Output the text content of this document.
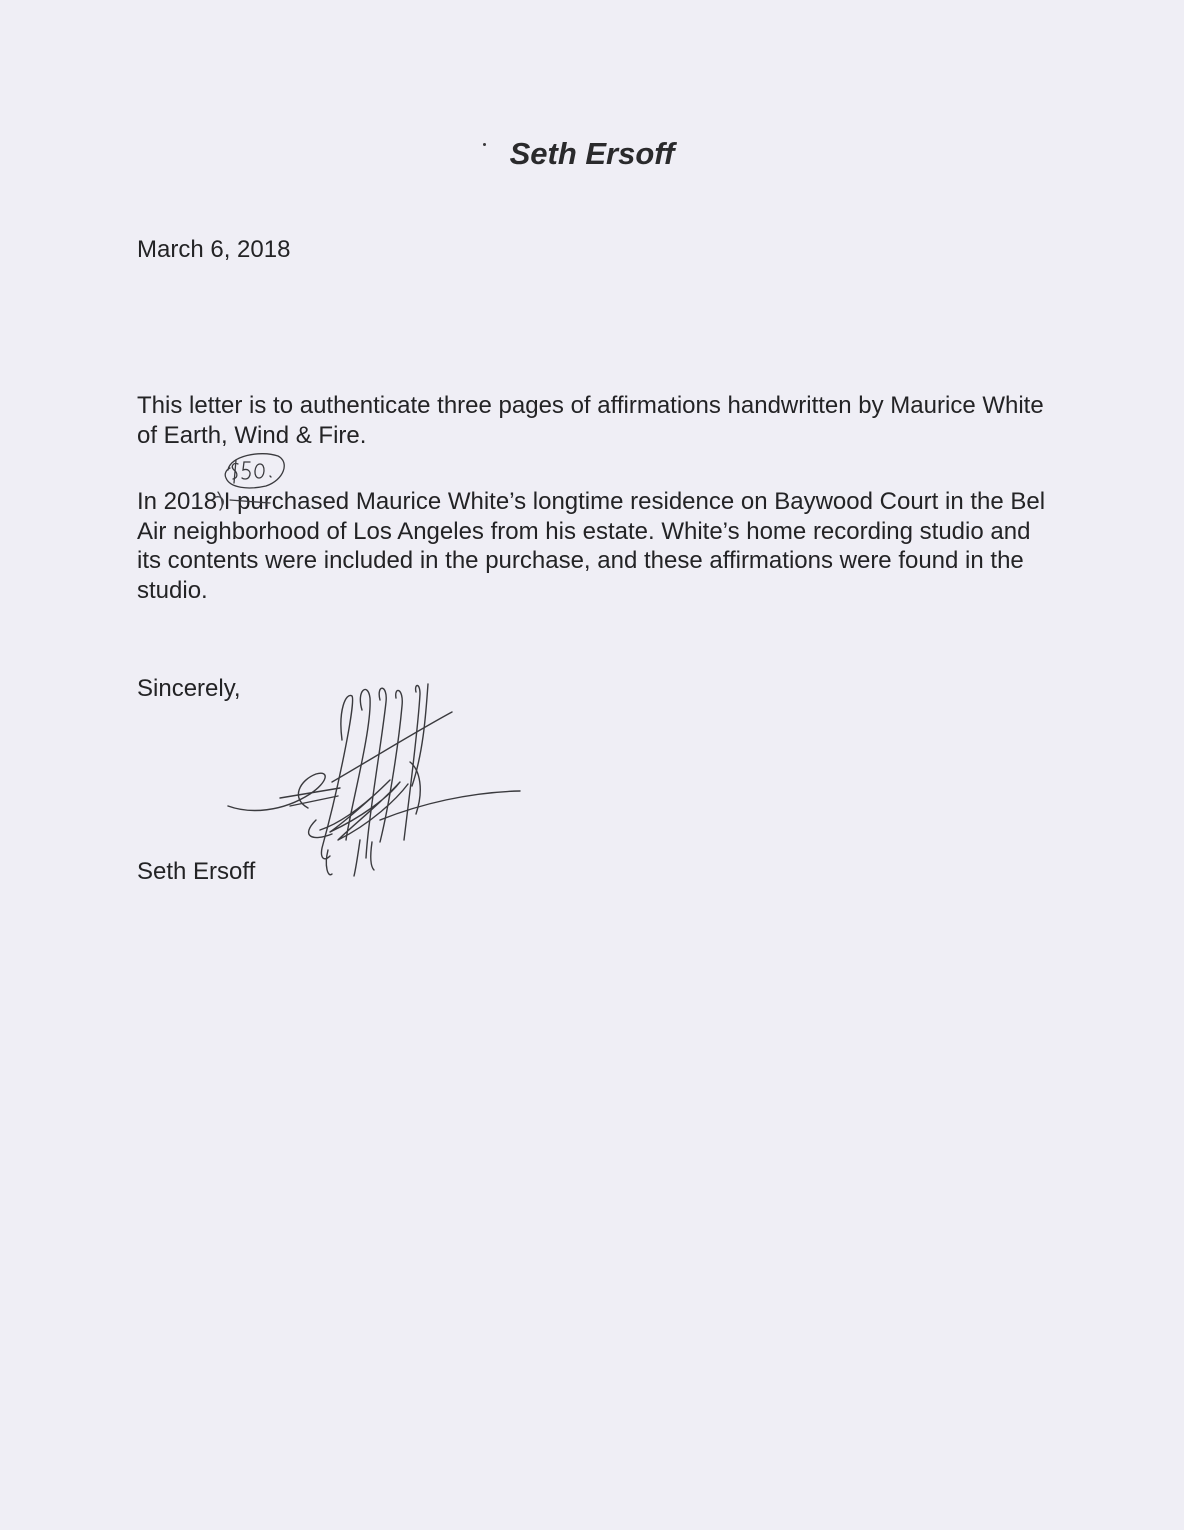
Seth Ersoff
March 6, 2018
This letter is to authenticate three pages of affirmations handwritten by Maurice White of Earth, Wind & Fire.
In 2018 I purchased Maurice White’s longtime residence on Baywood Court in the Bel Air neighborhood of Los Angeles from his estate. White’s home recording studio and its contents were included in the purchase, and these affirmations were found in the studio.
Sincerely,
Seth Ersoff
